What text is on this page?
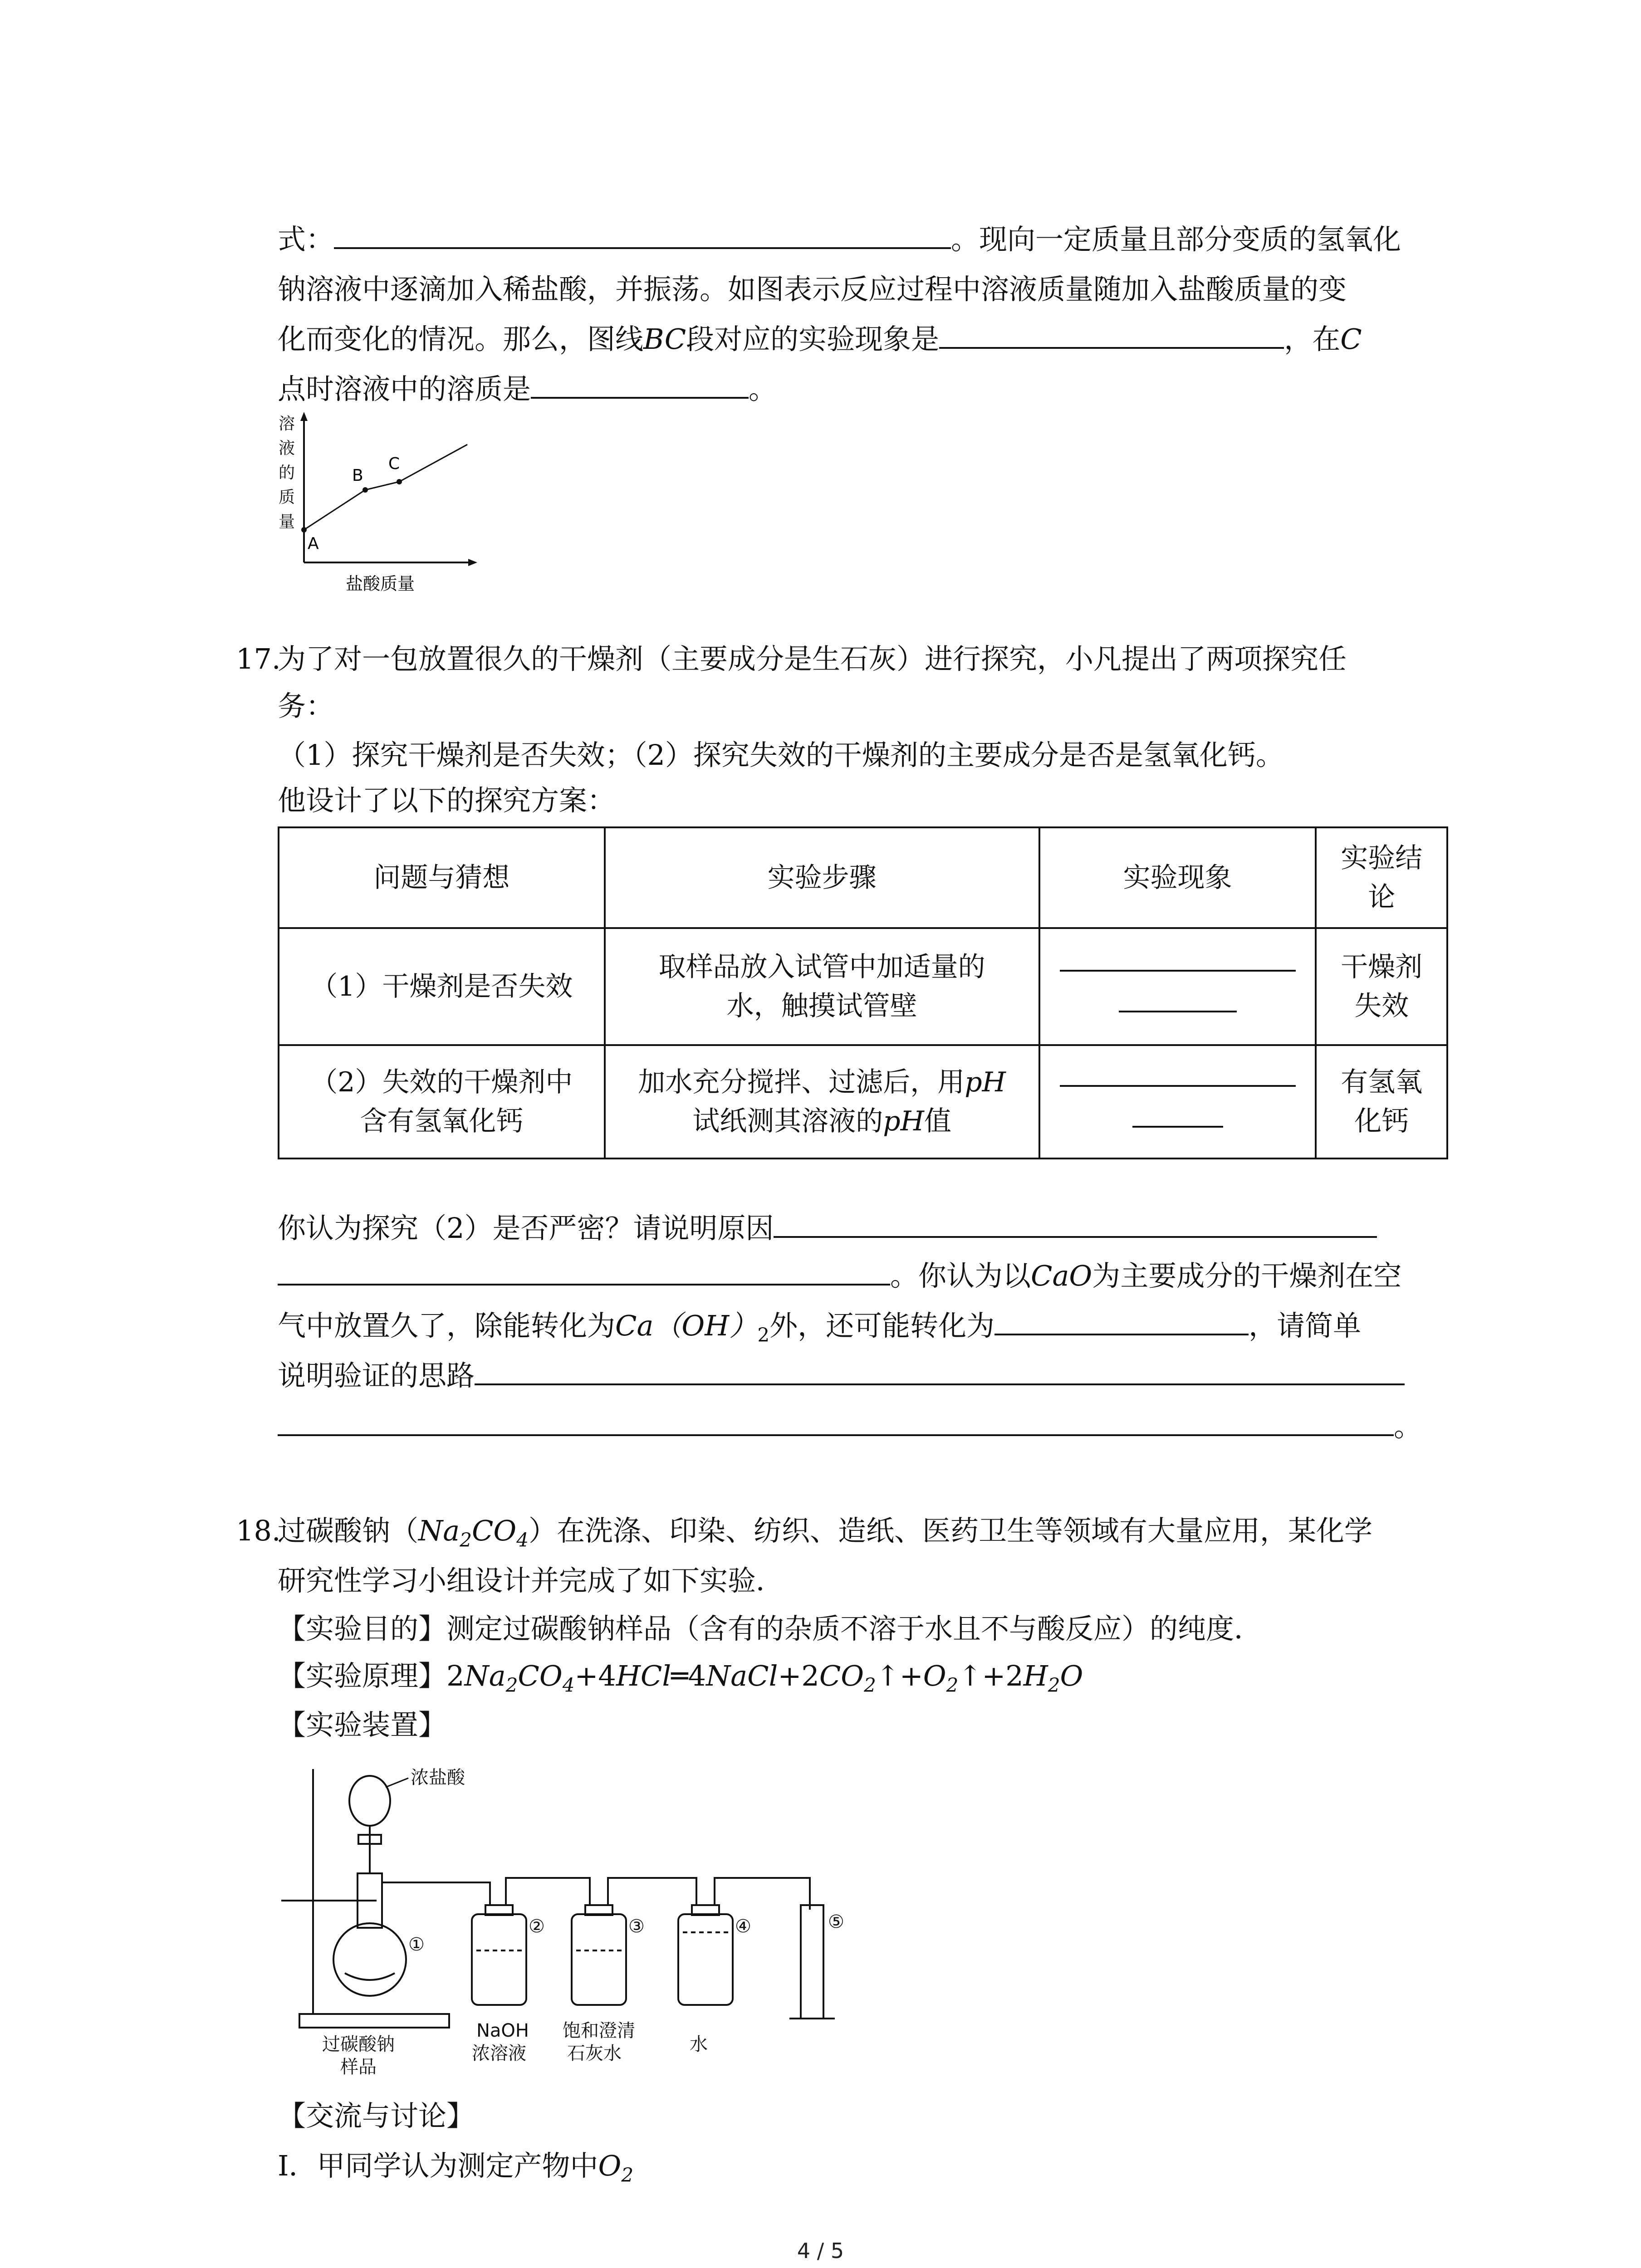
式：	。现向一定质量且部分变质的氢氧化
钠溶液中逐滴加入稀盐酸，并振荡。如图表示反应过程中溶液质量随加入盐酸质量的变
化而变化的情况。那么，图线BC段对应的实验现象是	，在C
点时溶液中的溶质是	。
溶
液
的
质
量
A
B
C
盐酸质量
17.
为了对一包放置很久的干燥剂（主要成分是生石灰）进行探究，小凡提出了两项探究任
务：
（1）探究干燥剂是否失效；（2）探究失效的干燥剂的主要成分是否是氢氧化钙。
他设计了以下的探究方案：
问题与猜想	实验步骤	实验现象	实验结
论
（1）干燥剂是否失效	取样品放入试管中加适量的
水，触摸试管壁		干燥剂
失效
（2）失效的干燥剂中
含有氢氧化钙	加水充分搅拌、过滤后，用pH
试纸测其溶液的pH值		有氢氧
化钙
你认为探究（2）是否严密？请说明原因
。你认为以CaO为主要成分的干燥剂在空
气中放置久了，除能转化为$Ca(OH)_2$外，还可能转化为	，请简单
说明验证的思路
。
18.
过碳酸钠$(Na_2CO_4)$在洗涤、印染、纺织、造纸、医药卫生等领域有大量应用，某化学
研究性学习小组设计并完成了如下实验．
【实验目的】测定过碳酸钠样品（含有的杂质不溶于水且不与酸反应）的纯度．
【实验原理】$2Na_2CO_4+4HCl═4NaCl+2CO_2↑+O_2↑+2H_2O$
【实验装置】
浓盐酸
①
②	③	④	⑤
过碳酸钠
样品
NaOH
浓溶液
饱和澄清
石灰水	水
【交流与讨论】
Ⅰ．甲同学认为测定产物中$O_2$
4 / 5
